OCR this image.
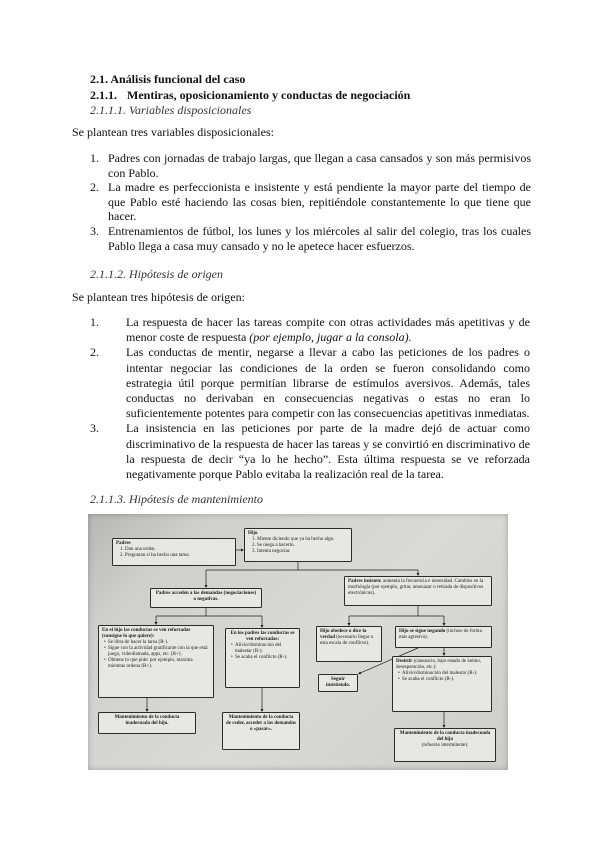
2.1. Análisis funcional del caso
2.1.1. Mentiras, oposicionamiento y conductas de negociación
2.1.1.1. Variables disposicionales
Se plantean tres variables disposicionales:
1. Padres con jornadas de trabajo largas, que llegan a casa cansados y son más permisivos con Pablo.
2. La madre es perfeccionista e insistente y está pendiente la mayor parte del tiempo de que Pablo esté haciendo las cosas bien, repitiéndole constantemente lo que tiene que hacer.
3. Entrenamientos de fútbol, los lunes y los miércoles al salir del colegio, tras los cuales Pablo llega a casa muy cansado y no le apetece hacer esfuerzos.
2.1.1.2. Hipótesis de origen
Se plantean tres hipótesis de origen:
1.	La respuesta de hacer las tareas compite con otras actividades más apetitivas y de menor coste de respuesta (por ejemplo, jugar a la consola).
2.	Las conductas de mentir, negarse a llevar a cabo las peticiones de los padres o intentar negociar las condiciones de la orden se fueron consolidando como estrategia útil porque permitían librarse de estímulos aversivos. Además, tales conductas no derivaban en consecuencias negativas o estas no eran lo suficientemente potentes para competir con las consecuencias apetitivas inmediatas.
3.	La insistencia en las peticiones por parte de la madre dejó de actuar como discriminativo de la respuesta de hacer las tareas y se convirtió en discriminativo de la respuesta de decir “ya lo he hecho”. Esta última respuesta se ve reforzada negativamente porque Pablo evitaba la realización real de la tarea.
2.1.1.3. Hipótesis de mantenimiento
Padres
1. Dan una orden.
2. Preguntan si ha hecho una tarea.
Hijo
1. Miente diciendo que ya ha hecho algo.
2. Se niega a hacerlo.
3. Intenta negociar.
Padres acceden a las demandas (negociaciones) o negativas.
Padres insisten: aumenta la frecuencia e intensidad. Cambios en la morfología (por ejemplo, gritar, amenazar o retirada de dispositivos electrónicos).
En el hijo las conductas se ven reforzadas (consigue lo que quiere):
• Se libra de hacer la tarea (R-).
• Sigue con la actividad gratificante con la que está: juego, videollamada, apps, etc. (R+).
• Obtiene lo que pide: por ejemplo, máxima mientras ordena (R+).
En los padres las conductas se ven reforzadas:
• Alivio/disminución del malestar (R-).
• Se acaba el conflicto (R-).
Hijo obedece o dice la verdad (necesario llegar a esta escala de conflicto).
Hijo se sigue negando (incluso de forma más agresiva).
Seguir insistiendo.
Desistir (cansancio, bajo estado de ánimo, desesperación, etc.):
• Alivio/disminución del malestar (R-).
• Se acaba el conflicto (R-).
Mantenimiento de la conducta inadecuada del hijo.
Mantenimiento de la conducta de ceder, acceder a las demandas o «pasar».
Mantenimiento de la conducta inadecuada del hijo
(refuerzo intermitente).
